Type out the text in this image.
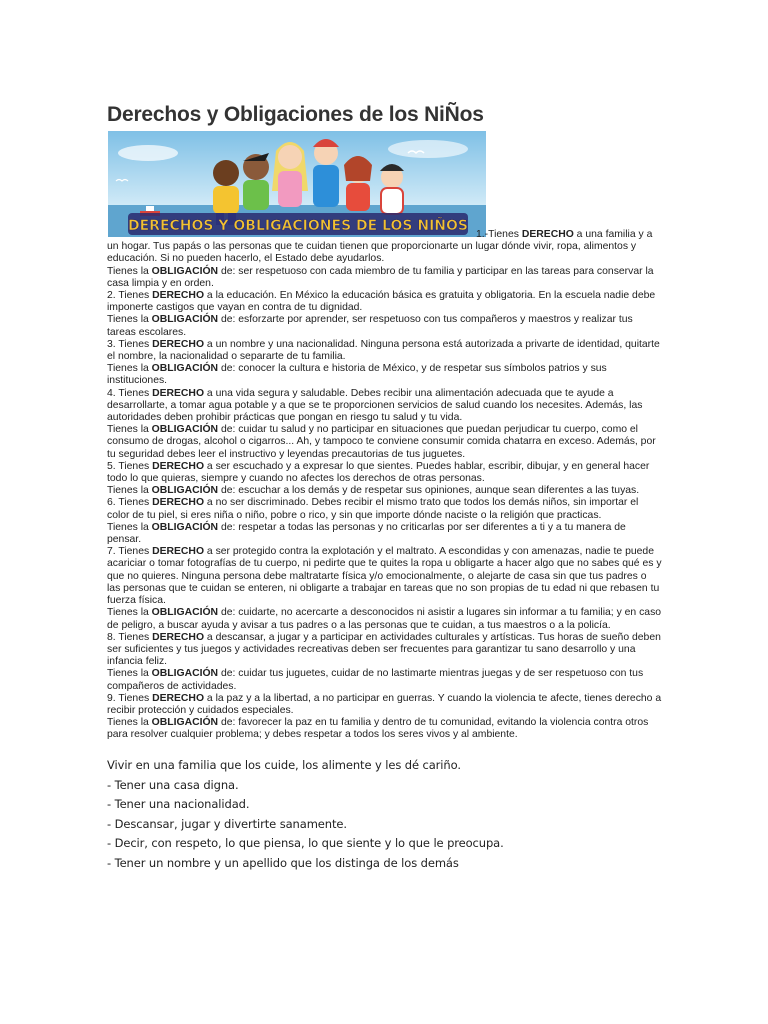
Derechos y Obligaciones de los NiÑos
DERECHOS Y OBLIGACIONES DE LOS NIÑOS

1.-Tienes DERECHO a una familia y a un hogar. Tus papás o las personas que te cuidan tienen que proporcionarte un lugar dónde vivir, ropa, alimentos y educación. Si no pueden hacerlo, el Estado debe ayudarlos.

Tienes la OBLIGACIÓN de: ser respetuoso con cada miembro de tu familia y participar en las tareas para conservar la casa limpia y en orden.

2. Tienes DERECHO a la educación. En México la educación básica es gratuita y obligatoria. En la escuela nadie debe imponerte castigos que vayan en contra de tu dignidad.

Tienes la OBLIGACIÓN de: esforzarte por aprender, ser respetuoso con tus compañeros y maestros y realizar tus tareas escolares.

3. Tienes DERECHO a un nombre y una nacionalidad. Ninguna persona está autorizada a privarte de identidad, quitarte el nombre, la nacionalidad o separarte de tu familia.

Tienes la OBLIGACIÓN de: conocer la cultura e historia de México, y de respetar sus símbolos patrios y sus instituciones.

4. Tienes DERECHO a una vida segura y saludable. Debes recibir una alimentación adecuada que te ayude a desarrollarte, a tomar agua potable y a que se te proporcionen servicios de salud cuando los necesites. Además, las autoridades deben prohibir prácticas que pongan en riesgo tu salud y tu vida.

Tienes la OBLIGACIÓN de: cuidar tu salud y no participar en situaciones que puedan perjudicar tu cuerpo, como el consumo de drogas, alcohol o cigarros... Ah, y tampoco te conviene consumir comida chatarra en exceso. Además, por tu seguridad debes leer el instructivo y leyendas precautorias de tus juguetes.

5. Tienes DERECHO a ser escuchado y a expresar lo que sientes. Puedes hablar, escribir, dibujar, y en general hacer todo lo que quieras, siempre y cuando no afectes los derechos de otras personas.

Tienes la OBLIGACIÓN de: escuchar a los demás y de respetar sus opiniones, aunque sean diferentes a las tuyas.

6. Tienes DERECHO a no ser discriminado. Debes recibir el mismo trato que todos los demás niños, sin importar el color de tu piel, si eres niña o niño, pobre o rico, y sin que importe dónde naciste o la religión que practicas.

Tienes la OBLIGACIÓN de: respetar a todas las personas y no criticarlas por ser diferentes a ti y a tu manera de pensar.

7. Tienes DERECHO a ser protegido contra la explotación y el maltrato. A escondidas y con amenazas, nadie te puede acariciar o tomar fotografías de tu cuerpo, ni pedirte que te quites la ropa u obligarte a hacer algo que no sabes qué es y que no quieres. Ninguna persona debe maltratarte física y/o emocionalmente, o alejarte de casa sin que tus padres o las personas que te cuidan se enteren, ni obligarte a trabajar en tareas que no son propias de tu edad ni que rebasen tu fuerza física.

Tienes la OBLIGACIÓN de: cuidarte, no acercarte a desconocidos ni asistir a lugares sin informar a tu familia; y en caso de peligro, a buscar ayuda y avisar a tus padres o a las personas que te cuidan, a tus maestros o a la policía.

8. Tienes DERECHO a descansar, a jugar y a participar en actividades culturales y artísticas. Tus horas de sueño deben ser suficientes y tus juegos y actividades recreativas deben ser frecuentes para garantizar tu sano desarrollo y una infancia feliz.

Tienes la OBLIGACIÓN de: cuidar tus juguetes, cuidar de no lastimarte mientras juegas y de ser respetuoso con tus compañeros de actividades.

9. Tienes DERECHO a la paz y a la libertad, a no participar en guerras. Y cuando la violencia te afecte, tienes derecho a recibir protección y cuidados especiales.

Tienes la OBLIGACIÓN de: favorecer la paz en tu familia y dentro de tu comunidad, evitando la violencia contra otros para resolver cualquier problema; y debes respetar a todos los seres vivos y al ambiente.

Vivir en una familia que los cuide, los alimente y les dé cariño.
- Tener una casa digna.
- Tener una nacionalidad.
- Descansar, jugar y divertirte sanamente.
- Decir, con respeto, lo que piensa, lo que siente y lo que le preocupa.
- Tener un nombre y un apellido que los distinga de los demás
